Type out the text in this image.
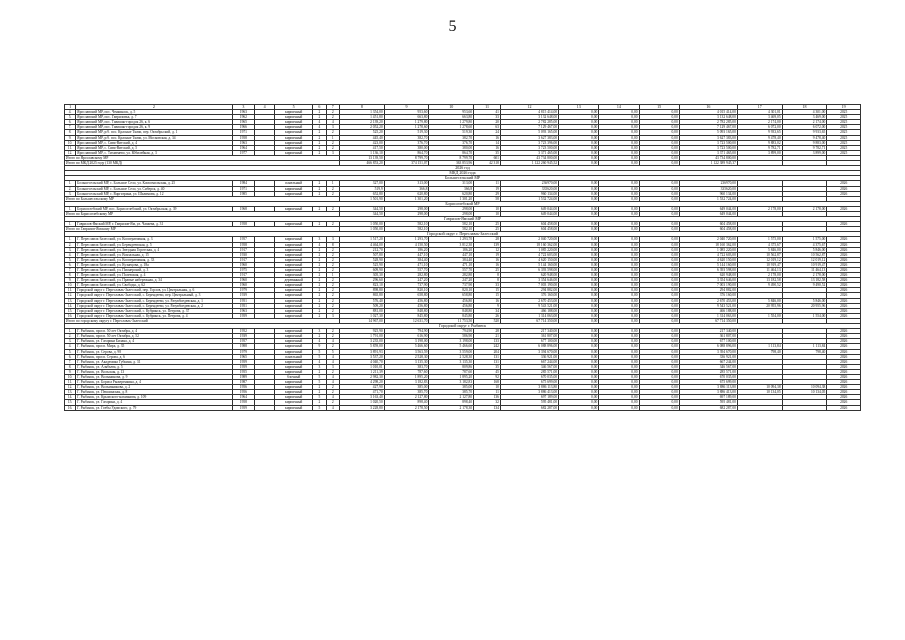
5
1	2	3	4	5	6	7	8	9	10	11	12	13	14	15	16	17	18	19
4.	Ярославский МР, пос. Ченкинаск, д. 5	1963		кирпичный	2	2	1 354,00	953,60	953,60	41	4 815 414,00	0,00	0,00	0,00	4 015 414,00	4 301,01	4 301,00	2025
5.	Ярославский МР, пос. Гавриловка, д. 7	1962		кирпичный	2	2	1 451,80	663,80	663,80	33	3 132 648,00	0,00	0,00	0,00	3 132 648,00	3 469,05	3 469,00	2025
6.	Ярославский МР, пос. Тавишак-городок 26, к. 6	1965		кирпичный	4	4	2 139,20	1 279,80	1 279,80	20	2 782 285,00	0,00	0,00	0,00	2 782 285,00	2 174,00	2 174,00	2025
7.	Ярославский МР, пос. Тавишак-городок 26, к. 9	1966		кирпичный	4	3	2 052,20	1 278,60	1 278,60	63	7 129 467,00	0,00	0,00	0,00	7 129 467,00	6 072,00	6 072,00	2025
8.	Ярославский МР, р/б. пос. Красные Ткачи, пер. Октябрьский, д. 1	1971		кирпичный	2	2	525,20	519,30	519,30	24	5 093 165,00	0,00	0,00	0,00	5 093 165,00	9 933,65	9 933,65	2025
9.	Ярославский МР, р/б. пос. Красные Ткачи, ул. Московская, д. 34	1958		кирпичный	2	1	445,40	382,70	382,70	16	3 627 383,00	0,00	0,00	0,00	3 627 383,00	9 478,40	9 478,40	2025
10.	Ярославский МР, с. Сива-Витский, д. 4	1963		кирпичный	2	2	423,00	376,70	376,70	14	3 723 396,00	0,00	0,00	0,00	3 723 500,00	9 883,02	9 883,00	2025
11.	Ярославский МР, с. Сива-Витский, д. 5	1964		кирпичный	2	2	417,50	380,00	380,00	16	3 723 500,00	0,00	0,00	0,00	3 723 500,00	9 782,71	9 782,71	2025
12.	Ярославский МР, с. Тихменево, ул. Юбилейная, д. 3	1977		кирпичный	2	3	1 136,10	864,70	864,70	35	3 371 465,00	0,00	0,00	0,00	3 371 465,00	3 899,00	3 899,00	2025
Итого по Ярославскому МР							13 139,50	8 799,70	8 799,70	601	43 734 800,00	0,00	0,00	0,00	43 734 800,00			
Итого по МКД 2025 году (130 МКД)							466 853,20	374 151,07	363 853,96	42 318	1 122 260 945,52	0,00	0,00	0,00	1 122 389 945,37			
2026 год																		
МКД 2026 года																		
Большесельский МР																		
1.	Большесельский МР, с. Большое Село, ул. Комсомольская, д. 25	1984		панельный	2	1	327,00	313,00	313,00	11	236970,00	0,00	0,00	0,00	236970,00			2026
2.	Большесельский МР, с. Большое Село, ул. Сиберск, д. 40	1971		кирпичный	2	2	519,9	366,8	366,8	19	335620,00	0,00	0,00	0,00	335620,00			2026
3.	Большесельский МР, с. Варгатрина, ул. Шалимова, д. 12	1985		кирпичный	2	2	652,80	620,80	620,80	29	960 134,00	0,00	0,00	0,00	960 134,00			2026
Итого по Большесельскому МР							1 501,90	1 301,20	1 301,20	58	1 532 724,00	0,00	0,00	0,00	1 532 724,00			
Борисоглебский МР																		
1.	Борисоглебский МР, пос. Борисоглебский, ул. Октябрьская, д. 39	1968		кирпичный	2	2	344,50	298,00	298,00	10	649 044,00	0,00	0,00	0,00	649 044,00	2 178,00	2 178,00	2026
Итого по Борисоглебскому МР							344,50	298,00	298,00	10	649 044,00	0,00	0,00	0,00	649 044,00			
Гаврилов-Ямский МР																		
1.	Гаврилов-Ямский МР, г. Гаврилов-Ям, ул. Чапаева, д. 31	1958		кирпичный	2	2	1 050,00	582,10	582,10	25	604 458,00	0,00	0,00	0,00	604 458,00			2026
Итого по Гаврилов-Ямскому МР							1 050,00	582,10	582,10	25	604 458,00	0,00	0,00	0,00	604 458,00			
Городской округ г. Переславль-Залесский																		
1.	Г. Переславль-Залесский, ул. Кооперативная, д. 3	1957		кирпичный	3	3	1 517,20	1 293,70	1 293,70	28	2 040 720,00	0,00	0,00	0,00	2 040 720,00	1 575,00	1 575,00	2026
2.	Г. Переславль-Залесский, ул. Берендеевская, д. 5	1958		кирпичный	4	8	4 464,00	4 150,50	3 812,30	139	18 160 362,00	0,00	0,00	0,00	18 160 362,00	4 375,67	4 375,67	2026
3.	Г. Переславль-Залесский, ул. Звездная Горотская, д. 4	1917		кирпичный	2	2	212,70	186,20	186,20	12	1 085 220,00	0,00	0,00	0,00	1 085 220,00	5 846,00	5 846,00	2026
4.	Г. Переславль-Залесский, ул. Вокзальная, д. 15	1930		кирпичный	2	2	507,80	447,10	447,10	19	4 722 603,00	0,00	0,00	0,00	4 722 603,00	10 562,87	10 562,87	2026
5.	Г. Переславль-Залесский, ул. Кооперативная, д. 33	1917		кирпичный	2	2	528,90	384,40	384,40	16	4 620 150,00	0,00	0,00	0,00	4 620 150,00	12 019,12	12 019,12	2026
6.	Г. Переславль-Залесский, ул. Кузнецова, д. 18а	1960		кирпичный	2	2	525,90	471,10	471,10	16	5 144 160,00	0,00	0,00	0,00	5 144 160,00	10 919,47	10 919,47	2026
7.	Г. Переславль-Залесский, ул. Пионерский, д. 3	1975		кирпичный	2	2	609,90	557,70	557,70	25	6 393 598,00	0,00	0,00	0,00	6 393 598,00	11 464,13	11 464,13	2026
8.	Г. Переславль-Залесский, ул. Полевская, д. 4	1917		кирпичный	2	1	305,30	282,80	282,80	8	620 948,00	0,00	0,00	0,00	620 948,00	2 178,00	2 178,00	2026
9.	Г. Переславль-Залесский, ул. Правые набережная, д. 34	1960		деревянный	2	2	296,60	247,20	247,20	8	3 354 646,00	0,00	0,00	0,00	3 354 646,00	13 182,58	13 182,58	2026
10.	Г. Переславль-Залесский, ул. Свободы, д. 62	1960		кирпичный	2	2	823,10	737,90	737,90	33	7 003 190,00	0,00	0,00	0,00	7 003 190,00	9 490,52	9 490,52	2026
11.	Городской округ г. Переславль-Залесский, пер. Горлов, ул. Центральная, д. 6	1979		кирпичный	2	2	898,80	820,10	820,10	15	294 882,00	0,00	0,00	0,00	294 882,00			2026
12.	Городской округ г. Переславль-Залесский, с. Берендеево, пер. Центральный, д. 3	1939		кирпичный	2	2	865,80	658,80	658,80	15	376 160,00	0,00	0,00	0,00	376 160,00			2026
13.	Городской округ г. Переславль-Залесский, с. Берендеево, ул. Разувбоедевская, д. 1	1951		кирпичный	2	2	576,40	456,80	456,80	16	2 670 453,00	0,00	0,00	0,00	2 670 453,00	5 846,00	5 846,00	2026
14.	Городской округ г. Переславль-Залесский, с. Берендеево, ул. Разувбоедевская, д. 2	1951		кирпичный	2	2	509,20	456,80	456,80	9	9 543 521,00	0,00	0,00	0,00	9 543 521,00	20 955,96	20 955,96	2026
15.	Городской округ г. Переславль-Залесский, с. Кубринск, ул. Петрова, д. 37	1963		кирпичный	2	2	881,00	848,80	848,80	34	466 188,00	0,00	0,00	0,00	466 188,00			2026
16.	Городской округ г. Переславль-Залесский, с. Кубринск, ул. Петрова, д. 4	1959		кирпичный	2	3	1 027,30	845,80	845,80	26	1 314 063,00	0,00	0,00	0,00	1 314 063,00	1 554,00	1 554,00	2026
Итого по городскому округу г. Переславль-Залесский							14 967,00	12 631,70	11 753,50	520	67 714 350,00	0,00	0,00	0,00	67 714 350,00			
Городской округ г. Рыбинск																		
1.	Г. Рыбинск, просп. 50 лет Октября, д. 4	1952		кирпичный	3	2	925,90	794,90	794,90	28	217 340,00	0,00	0,00	0,00	217 340,00			2026
2.	Г. Рыбинск, просп. 50 лет Октября, д. 52	1939		кирпичный	2	2	1 791,00	616,90	586,90	21	361 807,00	0,00	0,00	0,00	361 807,00			2026
3.	Г. Рыбинск, ул. Гагарина Билана, д. 4	1957		кирпичный	4	4	3 235,00	3 198,00	3 198,00	133	677 100,00	0,00	0,00	0,00	677 100,00			2026
4.	Г. Рыбинск, просп. Мира, д. 35	1988		кирпичный	9	2	5 859,00	5 466,60	5 466,60	242	6 088 896,00	0,00	0,00	0,00	6 088 896,00	1 113,84	1 113,84	2026
5.	Г. Рыбинск, ул. Серова, д. 98	1979		кирпичный	5	5	3 891,93	3 563,59	3 559,00	204	3 394 670,00	0,00	0,00	0,00	3 394 670,00	798,40	798,40	2026
6.	Г. Рыбинск, просп. Серова, д. 6	1965		панельный	5	4	3 537,20	2 528,30	2 528,30	131	336 921,00	0,00	0,00	0,00	336 921,00			2026
7.	Г. Рыбинск, ул. Академика Губкина, д. 31	1959		кирпичный	4	4	4 040,70	3 135,30	3 135,30	131	667 244,00	0,00	0,00	0,00	667 244,00			2026
8.	Г. Рыбинск, ул. Алябьева, д. 5	1959		кирпичный	3	3	1 010,01	383,70	809,86	35	346 567,00	0,00	0,00	0,00	346 567,00			2026
9.	Г. Рыбинск, ул. Вольская, д. 13	1955		кирпичный	2	2	1 211,39	787,60	787,60	45	285 571,00	0,00	0,00	0,00	285 571,00			2026
10.	Г. Рыбинск, ул. Волынинова, д. 9	1989		блочный	5	4	2 982,30	1 895,20	1 895,20	92	670 035,00	0,00	0,00	0,00	670 035,00			2026
11.	Г. Рыбинск, ул. Бориса Рыжеренкина, д. 4	1987		кирпичный	5	4	4 298,20	3 182,83	3 182,83	168	675 699,00	0,00	0,00	0,00	675 699,00			2026
12.	Г. Рыбинск, ул. Вольманикова, д. 2	1956		кирпичный	2	2	427,90	385,00	385,00	10	3 886 113,80	0,00	0,00	0,00	3 886 113,80	10 094,38	10 094,38	2026
13.	Г. Рыбинск, ул. Пешаинская, д. 8	1956		кирпичный	2	2	471,70	385,70	385,70	11	3 886 413,00	0,00	0,00	0,00	3 886 413,00	10 134,05	10 134,05	2026
14.	Г. Рыбинск, ул. Крымского-нахманова, д. 109	1964		кирпичный	5	4	3 163,40	2 127,80	2 127,80	136	697 189,00	0,00	0,00	0,00	697 189,00			2026
15.	Г. Рыбинск, ул. Гагарина, д. 4	1958		кирпичный	2	2	1 020,50	898,40	898,40	32	595 481,00	0,00	0,00	0,00	595 481,00			2026
16.	Г. Рыбинск, ул. Гоебы Удамского, д. 79	1959		кирпичный	5	4	3 228,80	2 178,50	2 178,30	134	682 287,00	0,00	0,00	0,00	682 287,00			2026
